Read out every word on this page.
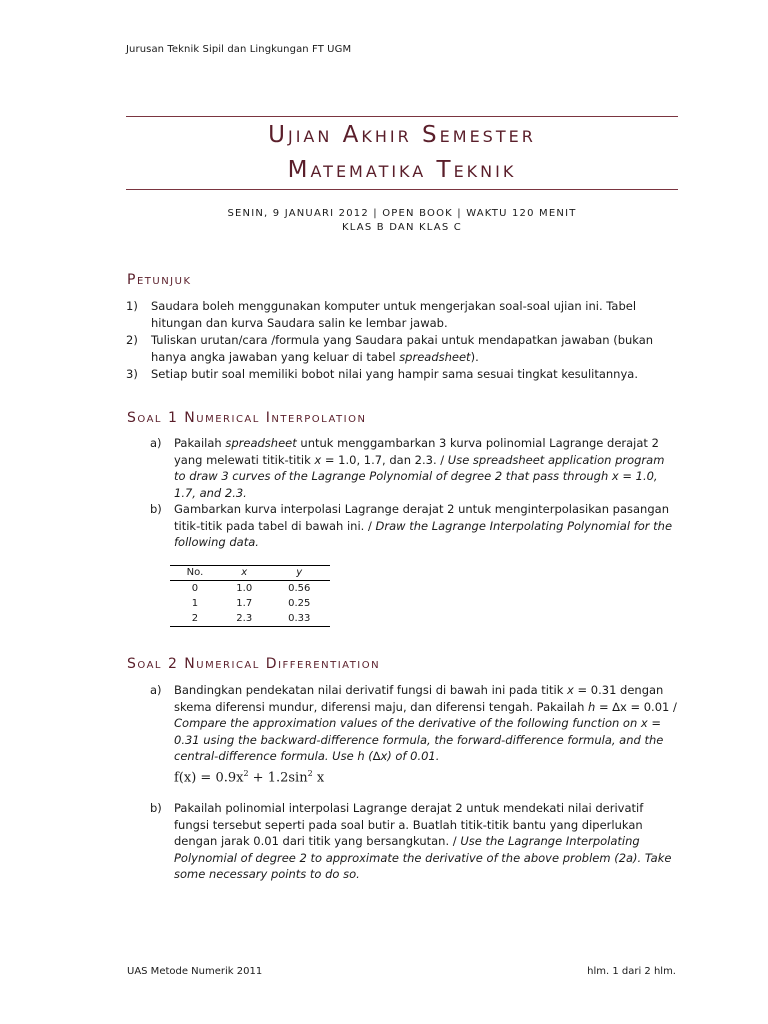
Jurusan Teknik Sipil dan Lingkungan FT UGM
Ujian Akhir Semester
Matematika Teknik
SENIN, 9 JANUARI 2012 | OPEN BOOK | WAKTU 120 MENIT
KLAS B DAN KLAS C
Petunjuk
1) Saudara boleh menggunakan komputer untuk mengerjakan soal-soal ujian ini. Tabel hitungan dan kurva Saudara salin ke lembar jawab.
2) Tuliskan urutan/cara /formula yang Saudara pakai untuk mendapatkan jawaban (bukan hanya angka jawaban yang keluar di tabel spreadsheet).
3) Setiap butir soal memiliki bobot nilai yang hampir sama sesuai tingkat kesulitannya.
Soal 1 Numerical Interpolation
a) Pakailah spreadsheet untuk menggambarkan 3 kurva polinomial Lagrange derajat 2 yang melewati titik-titik x = 1.0, 1.7, dan 2.3. / Use spreadsheet application program to draw 3 curves of the Lagrange Polynomial of degree 2 that pass through x = 1.0, 1.7, and 2.3.
b) Gambarkan kurva interpolasi Lagrange derajat 2 untuk menginterpolasikan pasangan titik-titik pada tabel di bawah ini. / Draw the Lagrange Interpolating Polynomial for the following data.
No.	x	y
0	1.0	0.56
1	1.7	0.25
2	2.3	0.33
Soal 2 Numerical Differentiation
a) Bandingkan pendekatan nilai derivatif fungsi di bawah ini pada titik x = 0.31 dengan skema diferensi mundur, diferensi maju, dan diferensi tengah. Pakailah h = ∆x = 0.01 / Compare the approximation values of the derivative of the following function on x = 0.31 using the backward-difference formula, the forward-difference formula, and the central-difference formula. Use h (∆x) of 0.01.
$f(x) = 0.9x^2 + 1.2\sin^2$ x
b) Pakailah polinomial interpolasi Lagrange derajat 2 untuk mendekati nilai derivatif fungsi tersebut seperti pada soal butir a. Buatlah titik-titik bantu yang diperlukan dengan jarak 0.01 dari titik yang bersangkutan. / Use the Lagrange Interpolating Polynomial of degree 2 to approximate the derivative of the above problem (2a). Take some necessary points to do so.
UAS Metode Numerik 2011	hlm. 1 dari 2 hlm.
